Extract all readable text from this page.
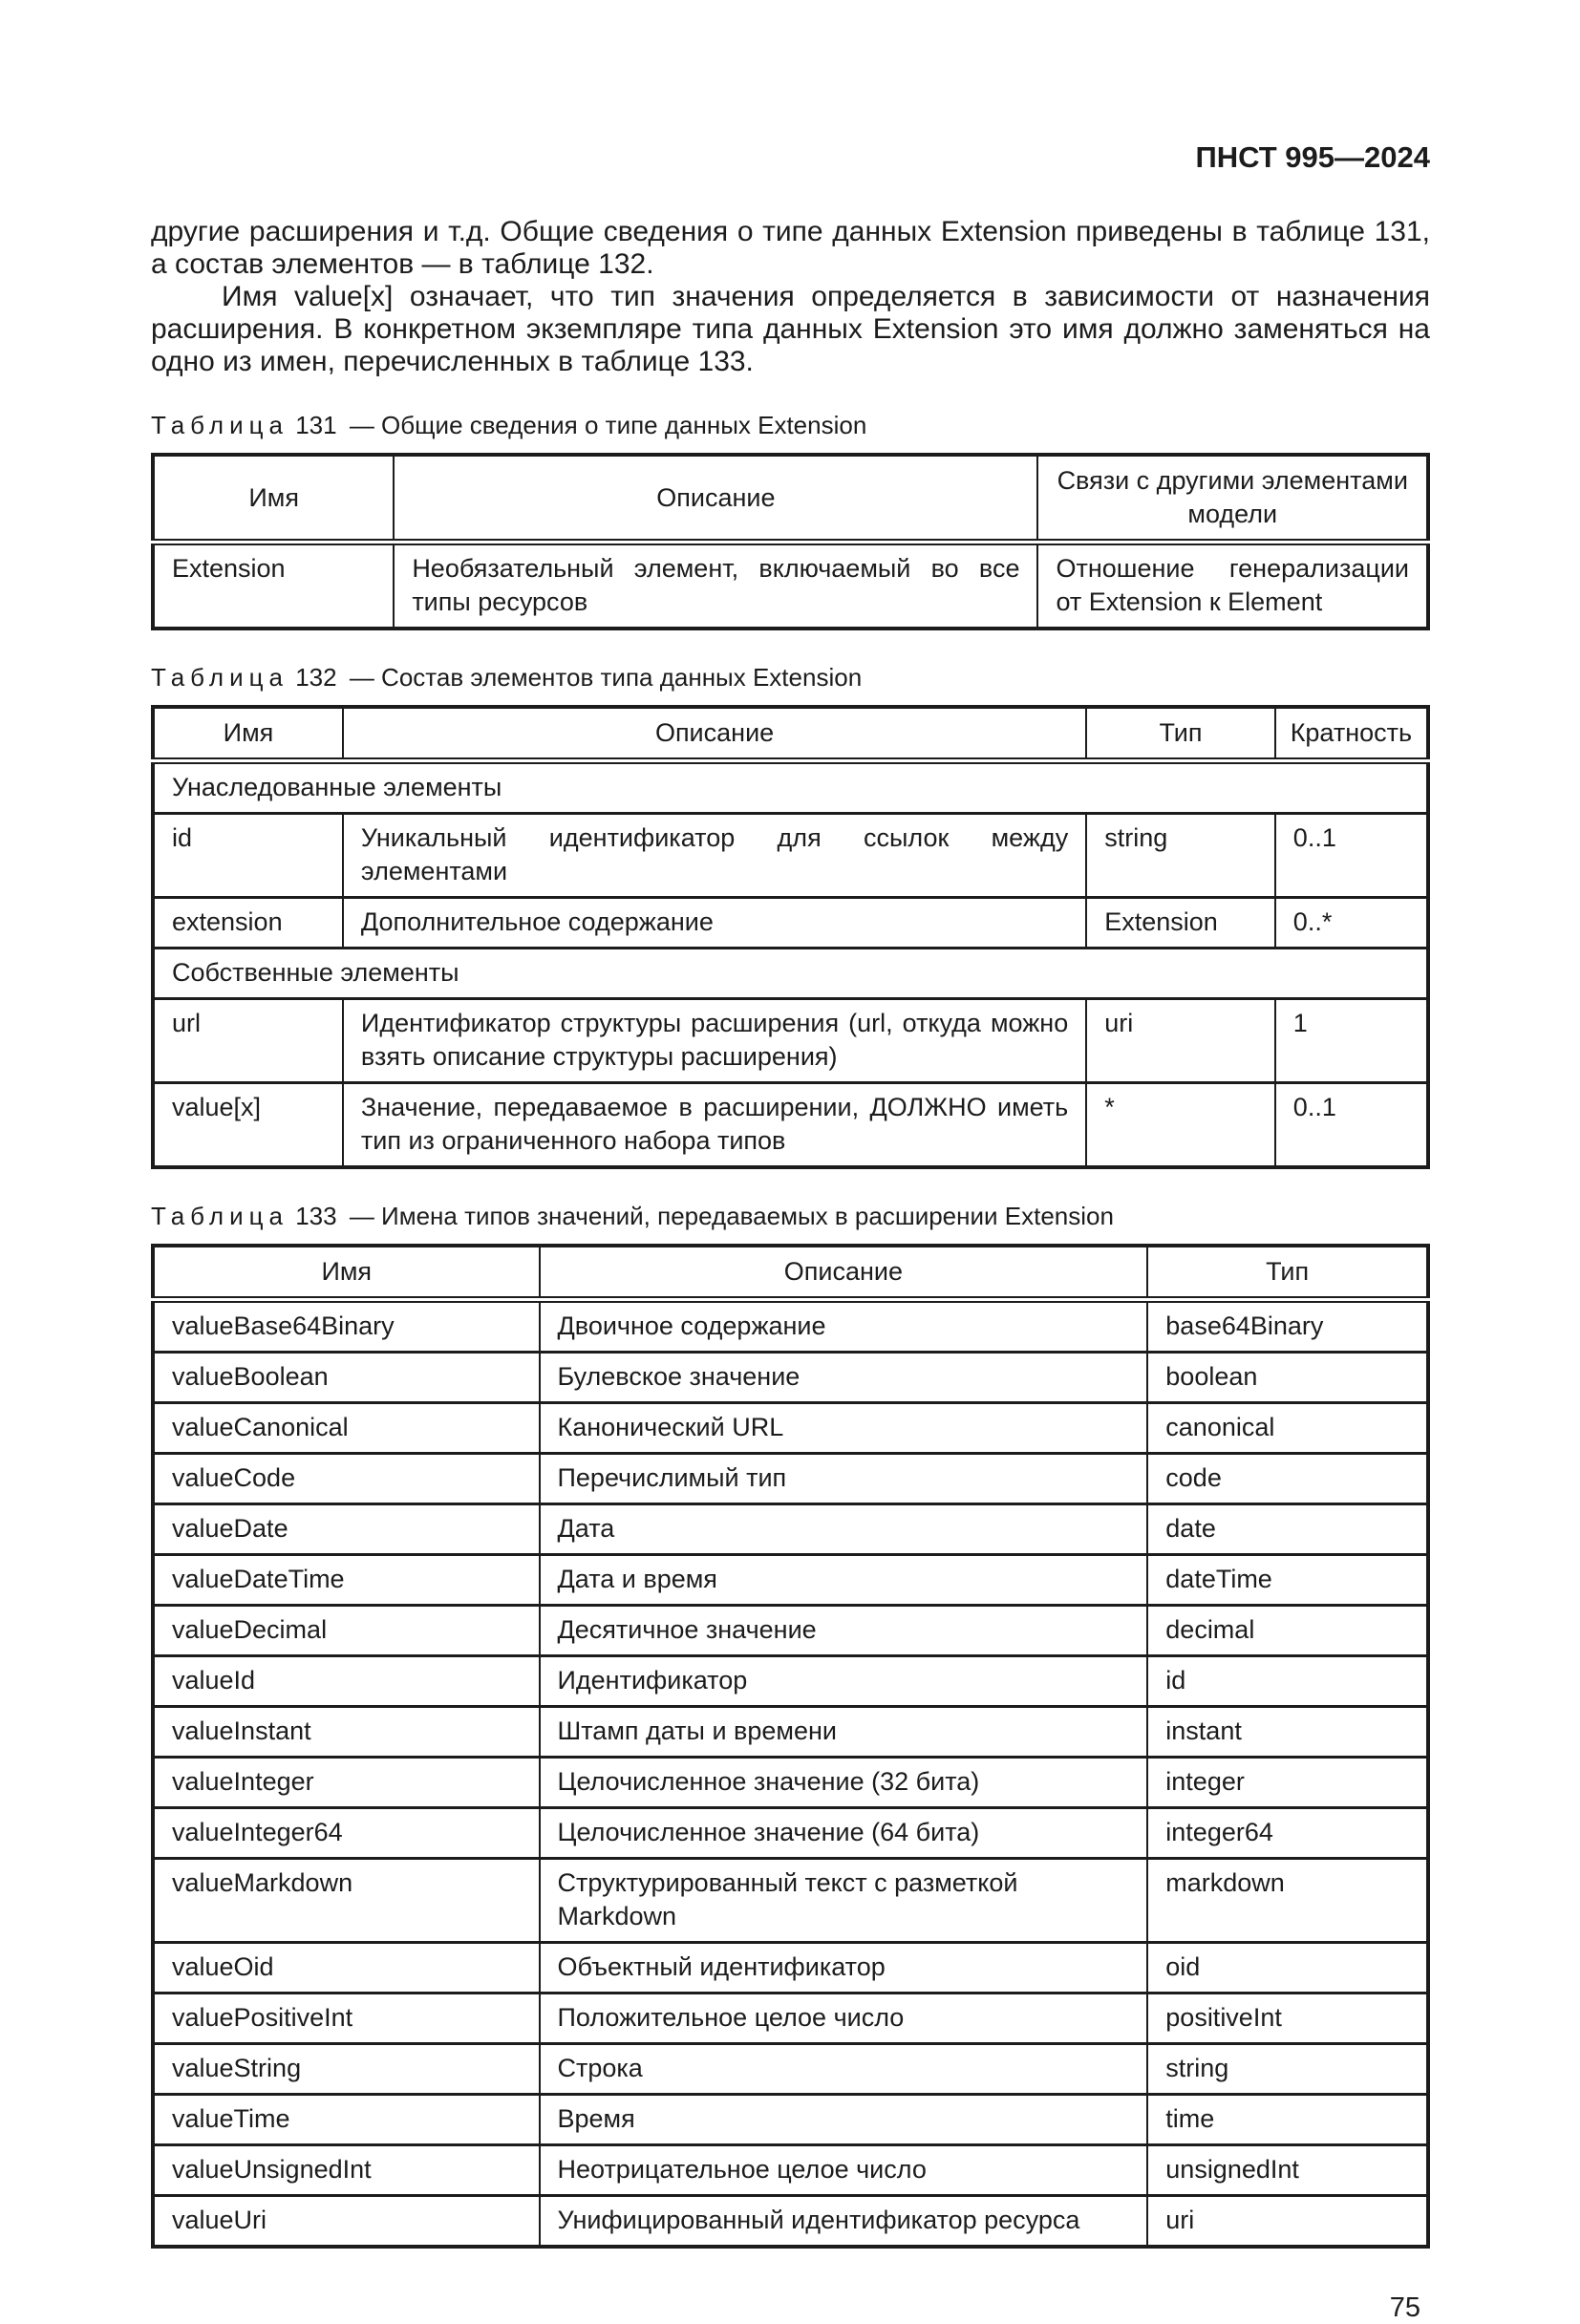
ПНСТ 995—2024

другие расширения и т.д. Общие сведения о типе данных Extension приведены в таблице 131, а состав элементов — в таблице 132.

Имя value[x] означает, что тип значения определяется в зависимости от назначения расширения. В конкретном экземпляре типа данных Extension это имя должно заменяться на одно из имен, перечисленных в таблице 133.

Таблица 131 — Общие сведения о типе данных Extension

Имя	Описание	Связи с другими элементами модели
Extension	Необязательный элемент, включаемый во все типы ресурсов	Отношение генерализации от Extension к Element

Таблица 132 — Состав элементов типа данных Extension

Имя	Описание	Тип	Кратность
Унаследованные элементы			
id	Уникальный идентификатор для ссылок между элементами	string	0..1
extension	Дополнительное содержание	Extension	0..*
Собственные элементы			
url	Идентификатор структуры расширения (url, откуда можно взять описание структуры расширения)	uri	1
value[x]	Значение, передаваемое в расширении, ДОЛЖНО иметь тип из ограниченного набора типов	*	0..1

Таблица 133 — Имена типов значений, передаваемых в расширении Extension

Имя	Описание	Тип
valueBase64Binary	Двоичное содержание	base64Binary
valueBoolean	Булевское значение	boolean
valueCanonical	Канонический URL	canonical
valueCode	Перечислимый тип	code
valueDate	Дата	date
valueDateTime	Дата и время	dateTime
valueDecimal	Десятичное значение	decimal
valueId	Идентификатор	id
valueInstant	Штамп даты и времени	instant
valueInteger	Целочисленное значение (32 бита)	integer
valueInteger64	Целочисленное значение (64 бита)	integer64
valueMarkdown	Структурированный текст с разметкой Markdown	markdown
valueOid	Объектный идентификатор	oid
valuePositiveInt	Положительное целое число	positiveInt
valueString	Строка	string
valueTime	Время	time
valueUnsignedInt	Неотрицательное целое число	unsignedInt
valueUri	Унифицированный идентификатор ресурса	uri

75
